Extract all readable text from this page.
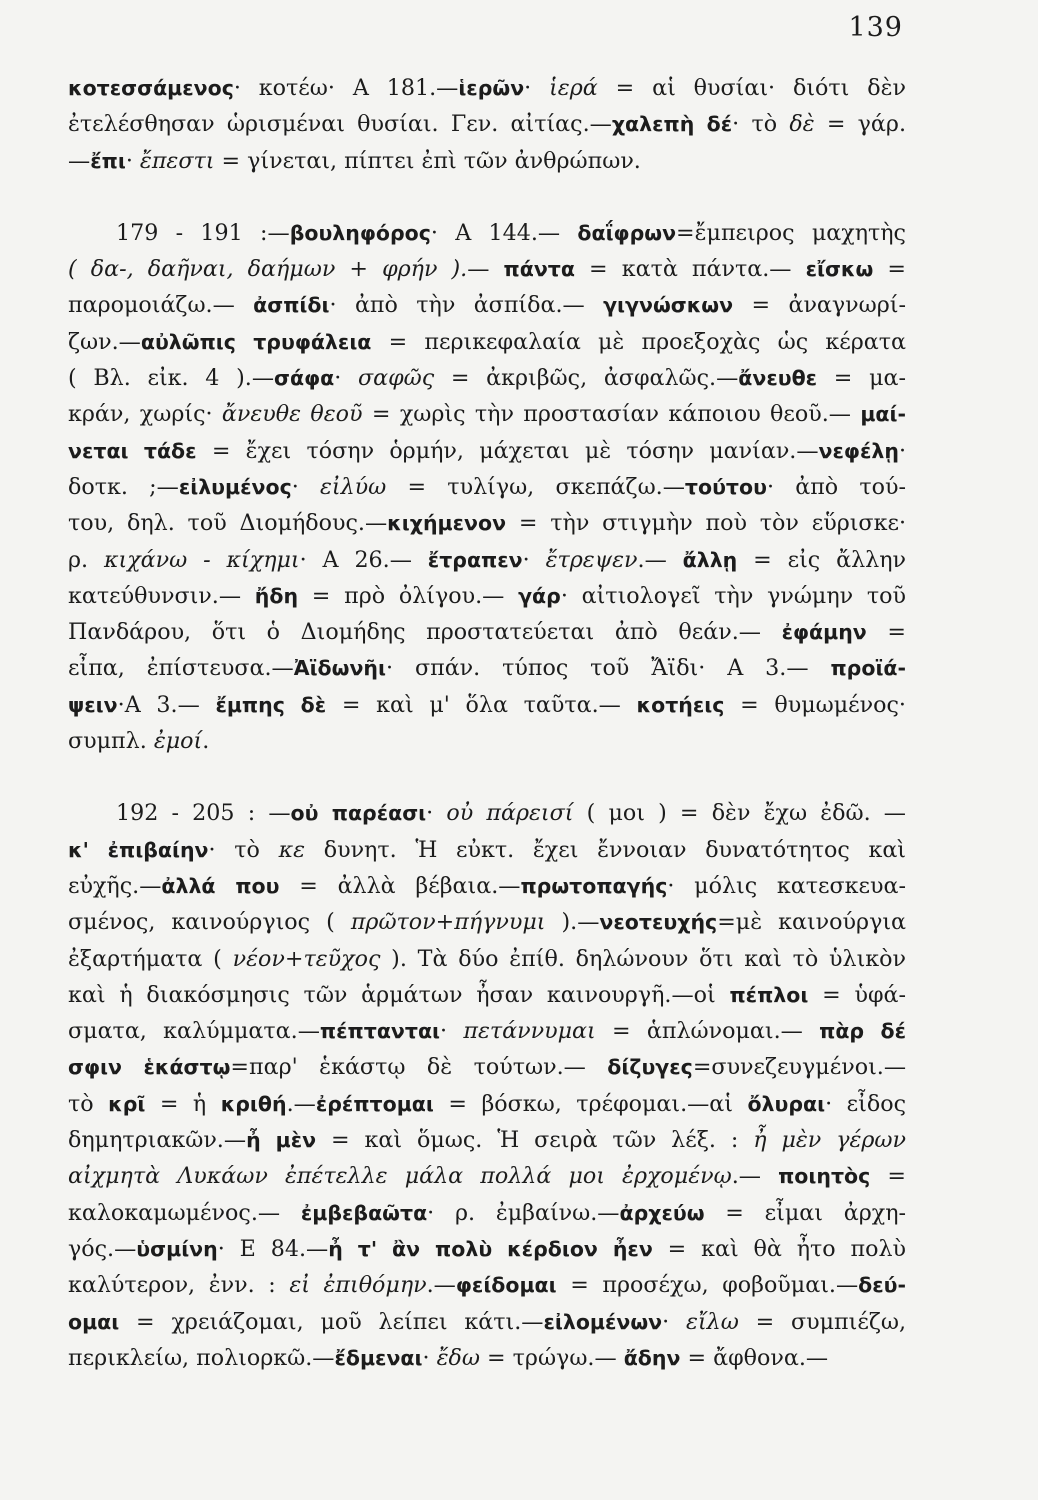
139
κοτεσσάμενος· κοτέω· Α 181.—ἱερῶν· ἱερά = αἱ θυσίαι· διότι δὲν
ἐτελέσθησαν ὡρισμέναι θυσίαι. Γεν. αἰτίας.—χαλεπὴ δέ· τὸ δὲ = γάρ.
—ἔπι· ἔπεστι = γίνεται, πίπτει ἐπὶ τῶν ἀνθρώπων.
179 - 191 :—βουληφόρος· Α 144.— δαΐφρων=ἔμπειρος μαχητὴς
( δα-, δαῆναι, δαήμων + φρήν ).— πάντα = κατὰ πάντα.— εἴσκω =
παρομοιάζω.— ἀσπίδι· ἀπὸ τὴν ἀσπίδα.— γιγνώσκων = ἀναγνωρί-
ζων.—αὐλῶπις τρυφάλεια = περικεφαλαία μὲ προεξοχὰς ὡς κέρατα
( Βλ. εἰκ. 4 ).—σάφα· σαφῶς = ἀκριβῶς, ἀσφαλῶς.—ἄνευθε = μα-
κράν, χωρίς· ἄνευθε θεοῦ = χωρὶς τὴν προστασίαν κάποιου θεοῦ.— μαί-
νεται τάδε = ἔχει τόσην ὁρμήν, μάχεται μὲ τόσην μανίαν.—νεφέλῃ·
δοτκ. ;—εἰλυμένος· εἰλύω = τυλίγω, σκεπάζω.—τούτου· ἀπὸ τού-
του, δηλ. τοῦ Διομήδους.—κιχήμενον = τὴν στιγμὴν ποὺ τὸν εὕρισκε·
ρ. κιχάνω - κίχημι· Α 26.— ἔτραπεν· ἔτρεψεν.— ἄλλῃ = εἰς ἄλλην
κατεύθυνσιν.— ἤδη = πρὸ ὀλίγου.— γάρ· αἰτιολογεῖ τὴν γνώμην τοῦ
Πανδάρου, ὅτι ὁ Διομήδης προστατεύεται ἀπὸ θεάν.— ἐφάμην =
εἶπα, ἐπίστευσα.—Ἀϊδωνῆι· σπάν. τύπος τοῦ Ἄϊδι· Α 3.— προϊά-
ψειν·Α 3.— ἔμπης δὲ = καὶ μ' ὅλα ταῦτα.— κοτήεις = θυμωμένος·
συμπλ. ἐμοί.
192 - 205 : —οὐ παρέασι· οὐ πάρεισί ( μοι ) = δὲν ἔχω ἐδῶ. —
κ' ἐπιβαίην· τὸ κε δυνητ. Ἡ εὐκτ. ἔχει ἔννοιαν δυνατότητος καὶ
εὐχῆς.—ἀλλά που = ἀλλὰ βέβαια.—πρωτοπαγής· μόλις κατεσκευα-
σμένος, καινούργιος ( πρῶτον+πήγνυμι ).—νεοτευχής=μὲ καινούργια
ἐξαρτήματα ( νέον+τεῦχος ). Τὰ δύο ἐπίθ. δηλώνουν ὅτι καὶ τὸ ὑλικὸν
καὶ ἡ διακόσμησις τῶν ἁρμάτων ἦσαν καινουργῆ.—οἱ πέπλοι = ὑφά-
σματα, καλύμματα.—πέπτανται· πετάννυμαι = ἁπλώνομαι.— πὰρ δέ
σφιν ἑκάστῳ=παρ' ἑκάστῳ δὲ τούτων.— δίζυγες=συνεζευγμένοι.—
τὸ κρῖ = ἡ κριθή.—ἐρέπτομαι = βόσκω, τρέφομαι.—αἱ ὄλυραι· εἶδος
δημητριακῶν.—ἦ μὲν = καὶ ὅμως. Ἡ σειρὰ τῶν λέξ. : ἦ μὲν γέρων
αἰχμητὰ Λυκάων ἐπέτελλε μάλα πολλά μοι ἐρχομένῳ.— ποιητὸς =
καλοκαμωμένος.— ἐμβεβαῶτα· ρ. ἐμβαίνω.—ἀρχεύω = εἶμαι ἀρχη-
γός.—ὑσμίνη· Ε 84.—ἦ τ' ἂν πολὺ κέρδιον ἦεν = καὶ θὰ ἦτο πολὺ
καλύτερον, ἐνν. : εἰ ἐπιθόμην.—φείδομαι = προσέχω, φοβοῦμαι.—δεύ-
ομαι = χρειάζομαι, μοῦ λείπει κάτι.—εἰλομένων· εἴλω = συμπιέζω,
περικλείω, πολιορκῶ.—ἔδμεναι· ἔδω = τρώγω.— ἄδην = ἄφθονα.—
